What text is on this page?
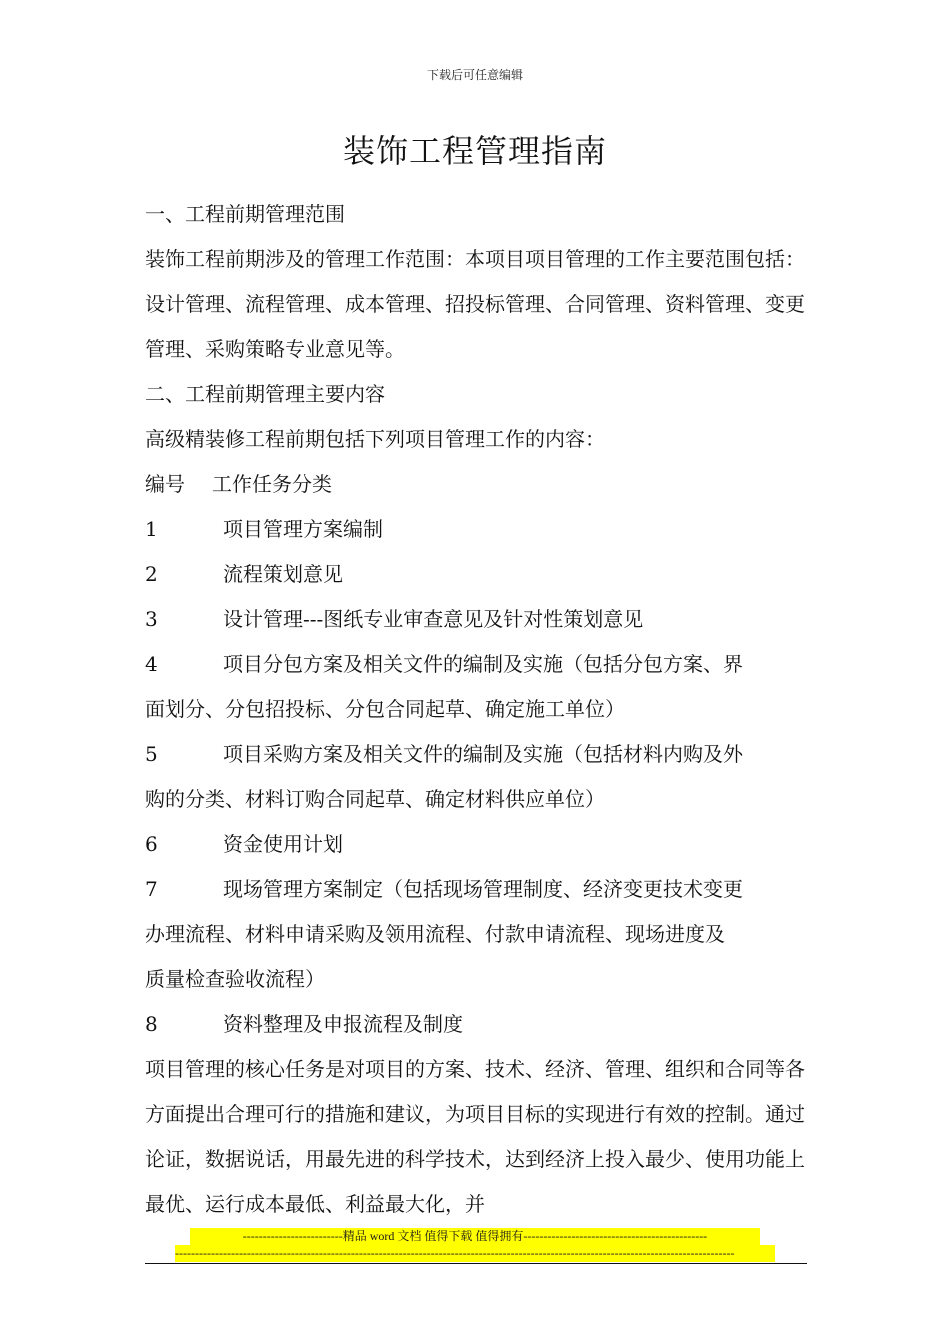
下载后可任意编辑
装饰工程管理指南

一、工程前期管理范围

装饰工程前期涉及的管理工作范围：本项目项目管理的工作主要范围包括：设计管理、流程管理、成本管理、招投标管理、合同管理、资料管理、变更管理、采购策略专业意见等。

二、工程前期管理主要内容

高级精装修工程前期包括下列项目管理工作的内容：

编号 工作任务分类

1	项目管理方案编制

2	流程策划意见

3	设计管理---图纸专业审查意见及针对性策划意见

4	项目分包方案及相关文件的编制及实施（包括分包方案、界

面划分、分包招投标、分包合同起草、确定施工单位）

5	项目采购方案及相关文件的编制及实施（包括材料内购及外

购的分类、材料订购合同起草、确定材料供应单位）

6	资金使用计划

7	现场管理方案制定（包括现场管理制度、经济变更技术变更

办理流程、材料申请采购及领用流程、付款申请流程、现场进度及

质量检查验收流程）

8	资料整理及申报流程及制度

项目管理的核心任务是对项目的方案、技术、经济、管理、组织和合同等各方面提出合理可行的措施和建议，为项目目标的实现进行有效的控制。通过论证，数据说话，用最先进的科学技术，达到经济上投入最少、使用功能上最优、运行成本最低、利益最大化，并

-------------------------精品 word 文档 值得下载 值得拥有----------------------------------------------
--------------------------------------------------------------------------------------------------------------------------------------------
